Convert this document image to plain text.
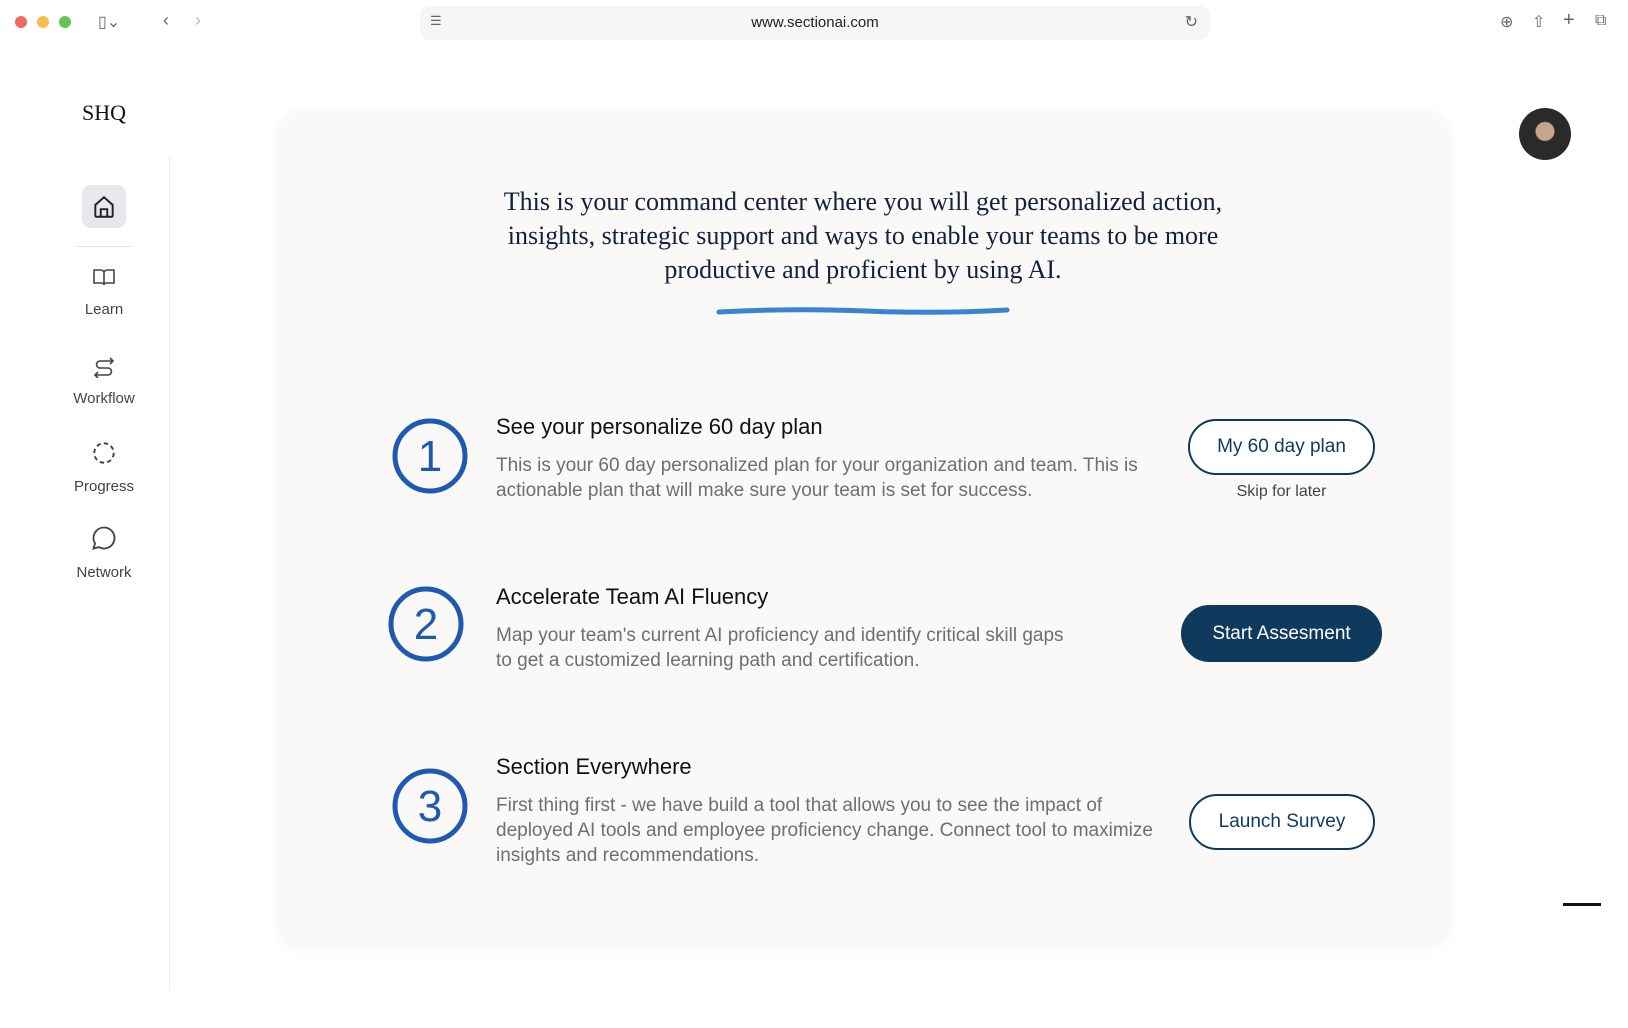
▯⌄ ‹ ›	☰	www.sectionai.com	↻	⊕ ⇧ + ⧉
SHQ
Learn
Workflow
Progress
Network
This is your command center where you will get personalized action, insights, strategic support and ways to enable your teams to be more productive and proficient by using AI.
1
See your personalize 60 day plan
This is your 60 day personalized plan for your organization and team. This is actionable plan that will make sure your team is set for success.
My 60 day plan
Skip for later
2
Accelerate Team AI Fluency
Map your team's current AI proficiency and identify critical skill gaps to get a customized learning path and certification.
Start Assesment
3
Section Everywhere
First thing first - we have build a tool that allows you to see the impact of deployed AI tools and employee proficiency change. Connect tool to maximize insights and recommendations.
Launch Survey
